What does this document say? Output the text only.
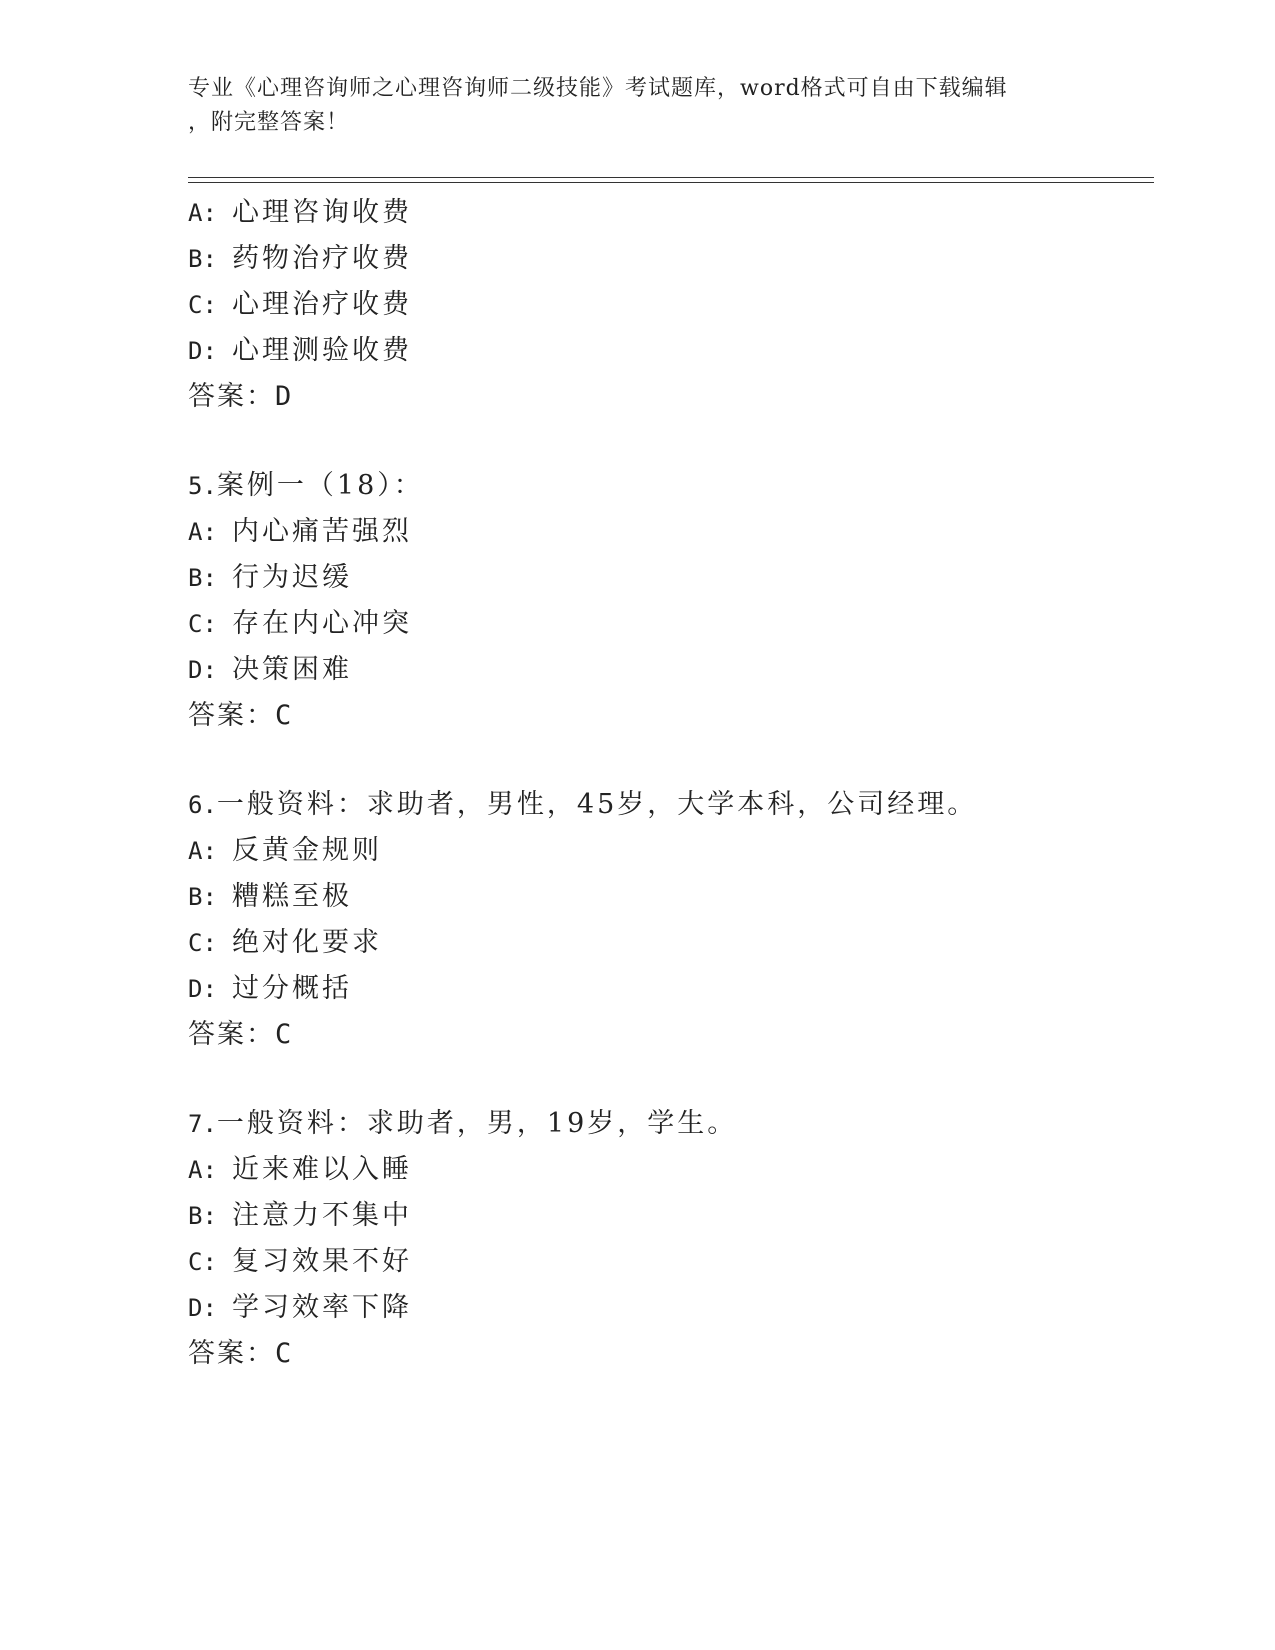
专业《心理咨询师之心理咨询师二级技能》考试题库，word格式可自由下载编辑
，附完整答案！
A: 心理咨询收费
B: 药物治疗收费
C: 心理治疗收费
D: 心理测验收费
答案：D
5.案例一（18）：
A: 内心痛苦强烈
B: 行为迟缓
C: 存在内心冲突
D: 决策困难
答案：C
6.一般资料：求助者，男性，45岁，大学本科，公司经理。
A: 反黄金规则
B: 糟糕至极
C: 绝对化要求
D: 过分概括
答案：C
7.一般资料：求助者，男，19岁，学生。
A: 近来难以入睡
B: 注意力不集中
C: 复习效果不好
D: 学习效率下降
答案：C
